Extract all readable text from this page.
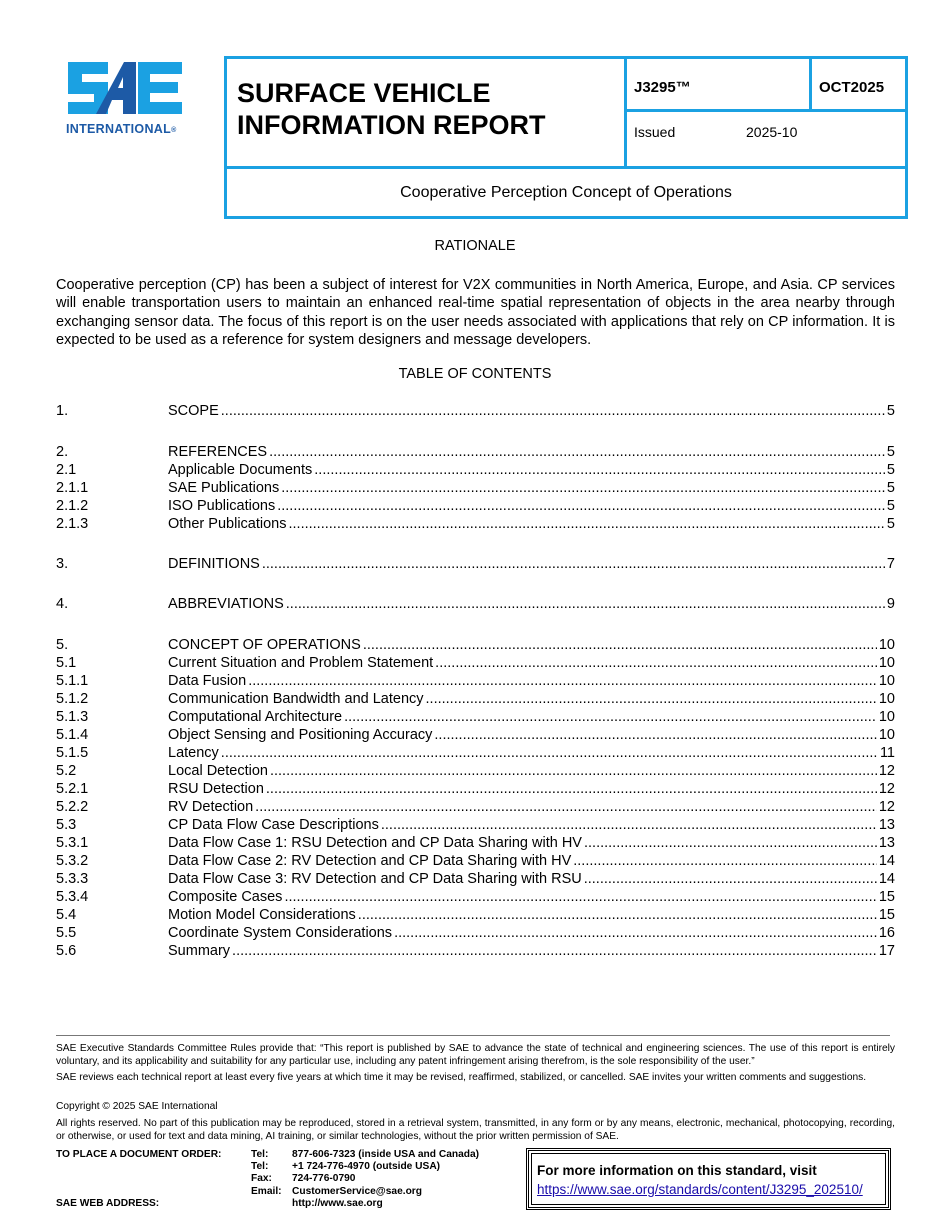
INTERNATIONAL®
SURFACE VEHICLE
INFORMATION REPORT
J3295™	OCT2025
Issued	2025-10
Cooperative Perception Concept of Operations
RATIONALE
Cooperative perception (CP) has been a subject of interest for V2X communities in North America, Europe, and Asia. CP services will enable transportation users to maintain an enhanced real-time spatial representation of objects in the area nearby through exchanging sensor data. The focus of this report is on the user needs associated with applications that rely on CP information. It is expected to be used as a reference for system designers and message developers.
TABLE OF CONTENTS
1.	SCOPE .....	5
2.	REFERENCES .....	5
2.1	Applicable Documents .....	5
2.1.1	SAE Publications .....	5
2.1.2	ISO Publications .....	5
2.1.3	Other Publications .....	5
3.	DEFINITIONS .....	7
4.	ABBREVIATIONS .....	9
5.	CONCEPT OF OPERATIONS .....	10
5.1	Current Situation and Problem Statement .....	10
5.1.1	Data Fusion .....	10
5.1.2	Communication Bandwidth and Latency .....	10
5.1.3	Computational Architecture .....	10
5.1.4	Object Sensing and Positioning Accuracy .....	10
5.1.5	Latency .....	11
5.2	Local Detection .....	12
5.2.1	RSU Detection .....	12
5.2.2	RV Detection .....	12
5.3	CP Data Flow Case Descriptions .....	13
5.3.1	Data Flow Case 1: RSU Detection and CP Data Sharing with HV .....	13
5.3.2	Data Flow Case 2: RV Detection and CP Data Sharing with HV .....	14
5.3.3	Data Flow Case 3: RV Detection and CP Data Sharing with RSU .....	14
5.3.4	Composite Cases .....	15
5.4	Motion Model Considerations .....	15
5.5	Coordinate System Considerations .....	16
5.6	Summary .....	17
SAE Executive Standards Committee Rules provide that: “This report is published by SAE to advance the state of technical and engineering sciences. The use of this report is entirely voluntary, and its applicability and suitability for any particular use, including any patent infringement arising therefrom, is the sole responsibility of the user.”
SAE reviews each technical report at least every five years at which time it may be revised, reaffirmed, stabilized, or cancelled. SAE invites your written comments and suggestions.
Copyright © 2025 SAE International
All rights reserved. No part of this publication may be reproduced, stored in a retrieval system, transmitted, in any form or by any means, electronic, mechanical, photocopying, recording, or otherwise, or used for text and data mining, AI training, or similar technologies, without the prior written permission of SAE.
TO PLACE A DOCUMENT ORDER:
SAE WEB ADDRESS:
Tel: 877-606-7323 (inside USA and Canada)
Tel: +1 724-776-4970 (outside USA)
Fax: 724-776-0790
Email: CustomerService@sae.org
http://www.sae.org
For more information on this standard, visit
https://www.sae.org/standards/content/J3295_202510/
